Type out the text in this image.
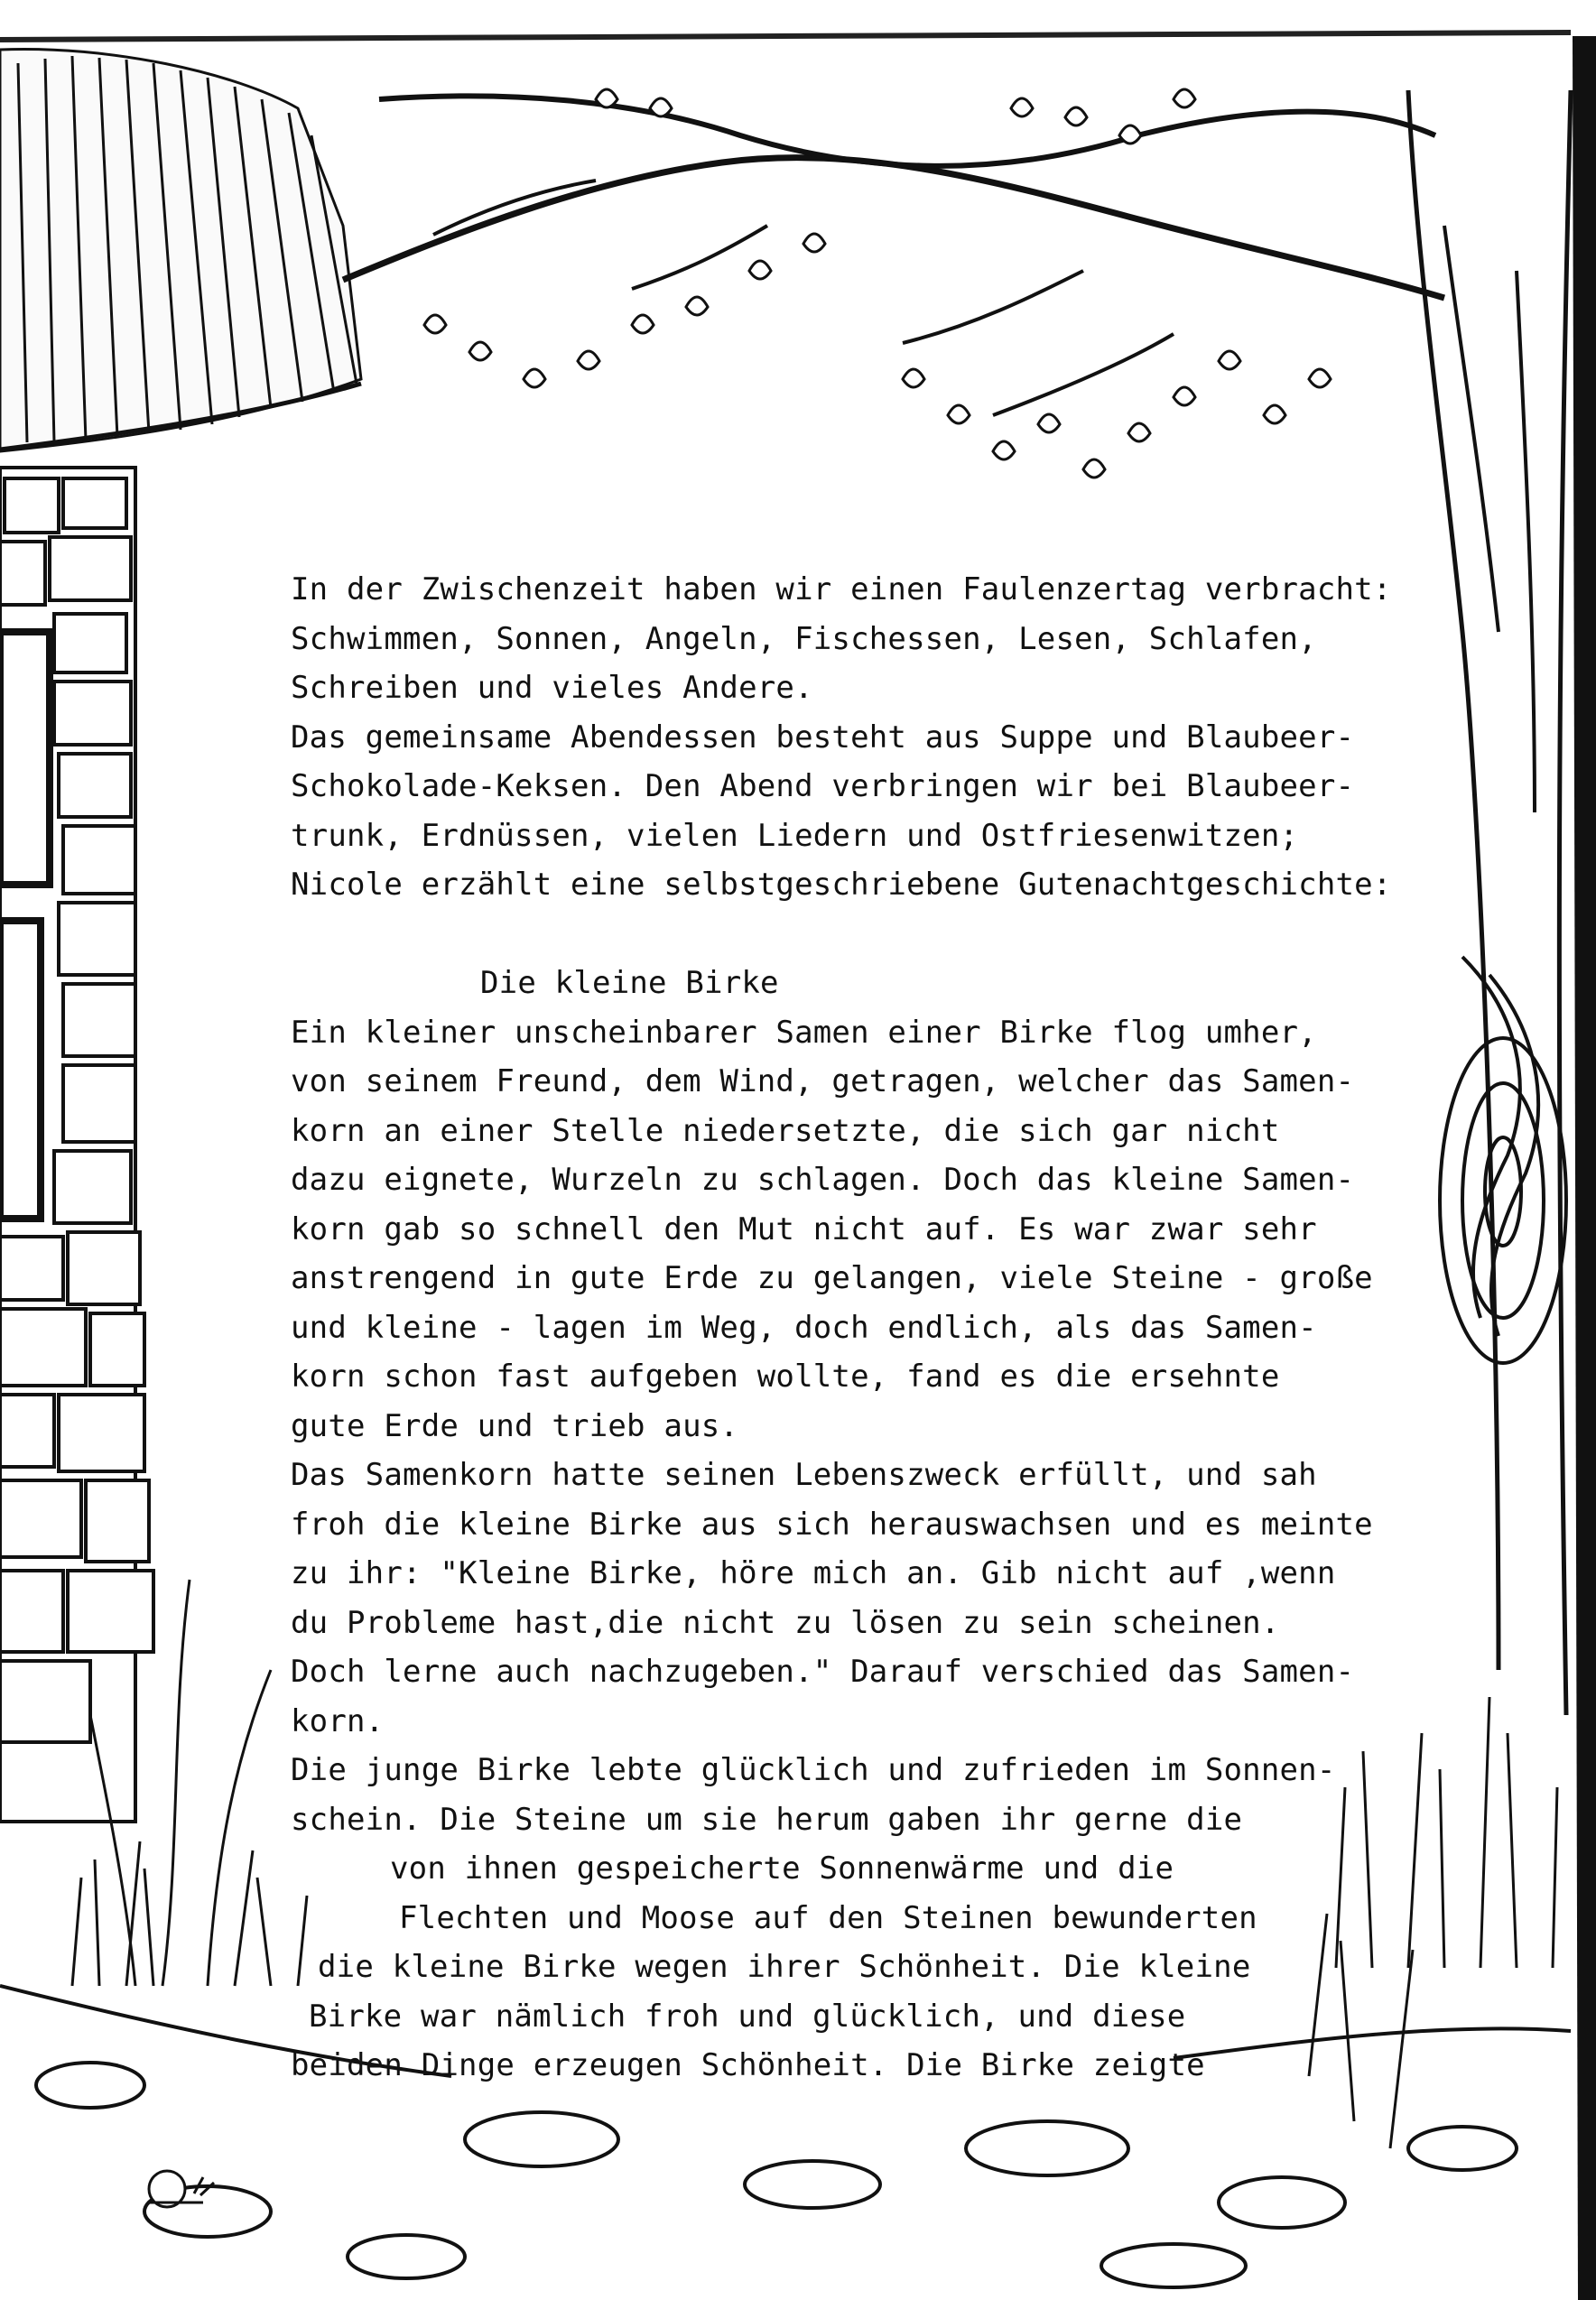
In der Zwischenzeit haben wir einen Faulenzertag verbracht:
Schwimmen, Sonnen, Angeln, Fischessen, Lesen, Schlafen,
Schreiben und vieles Andere.
Das gemeinsame Abendessen besteht aus Suppe und Blaubeer-
Schokolade-Keksen. Den Abend verbringen wir bei Blaubeer-
trunk, Erdnüssen, vielen Liedern und Ostfriesenwitzen;
Nicole erzählt eine selbstgeschriebene Gutenachtgeschichte:
Die kleine Birke
Ein kleiner unscheinbarer Samen einer Birke flog umher,
von seinem Freund, dem Wind, getragen, welcher das Samen-
korn an einer Stelle niedersetzte, die sich gar nicht
dazu eignete, Wurzeln zu schlagen. Doch das kleine Samen-
korn gab so schnell den Mut nicht auf. Es war zwar sehr
anstrengend in gute Erde zu gelangen, viele Steine - große
und kleine - lagen im Weg, doch endlich, als das Samen-
korn schon fast aufgeben wollte, fand es die ersehnte
gute Erde und trieb aus.
Das Samenkorn hatte seinen Lebenszweck erfüllt, und sah
froh die kleine Birke aus sich herauswachsen und es meinte
zu ihr: "Kleine Birke, höre mich an. Gib nicht auf ,wenn
du Probleme hast,die nicht zu lösen zu sein scheinen.
Doch lerne auch nachzugeben." Darauf verschied das Samen-
korn.
Die junge Birke lebte glücklich und zufrieden im Sonnen-
schein. Die Steine um sie herum gaben ihr gerne die
von ihnen gespeicherte Sonnenwärme und die
Flechten und Moose auf den Steinen bewunderten
die kleine Birke wegen ihrer Schönheit. Die kleine
Birke war nämlich froh und glücklich, und diese
beiden Dinge erzeugen Schönheit. Die Birke zeigte
